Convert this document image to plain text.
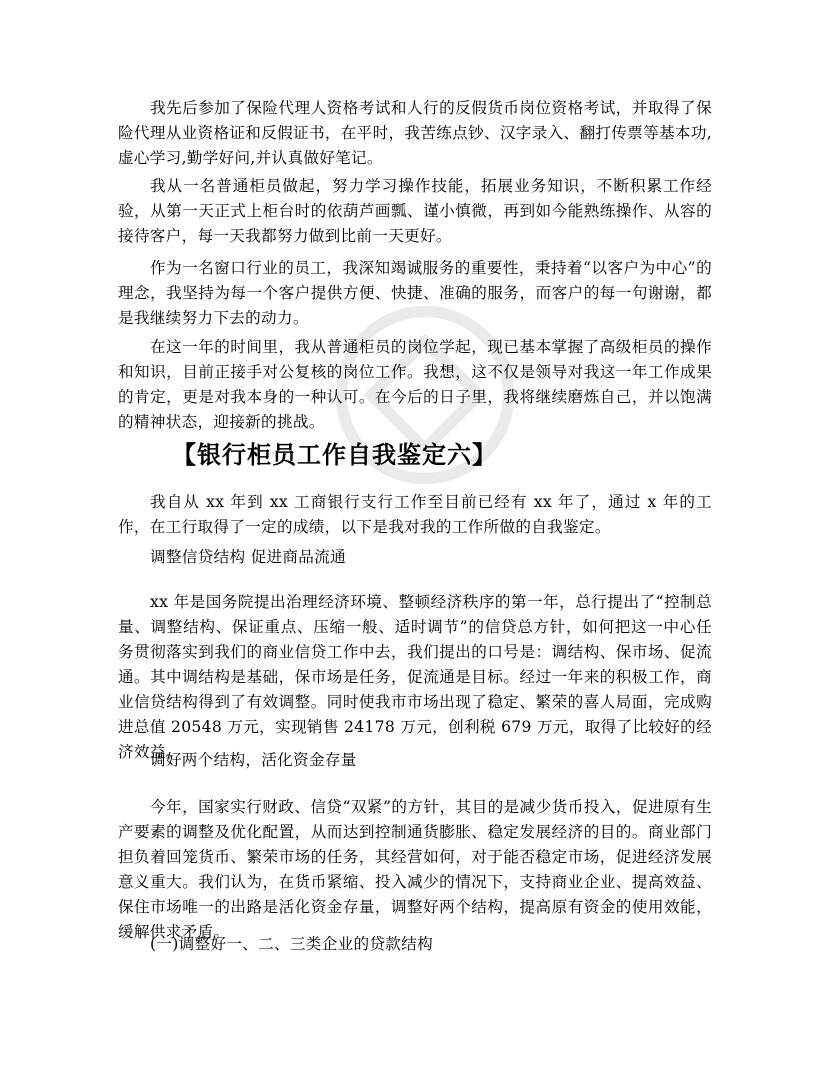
我先后参加了保险代理人资格考试和人行的反假货币岗位资格考试，并取得了保险代理从业资格证和反假证书，在平时，我苦练点钞、汉字录入、翻打传票等基本功,虚心学习,勤学好问,并认真做好笔记。

我从一名普通柜员做起，努力学习操作技能，拓展业务知识，不断积累工作经验，从第一天正式上柜台时的依葫芦画瓢、谨小慎微，再到如今能熟练操作、从容的接待客户，每一天我都努力做到比前一天更好。

作为一名窗口行业的员工，我深知竭诚服务的重要性，秉持着“以客户为中心”的理念，我坚持为每一个客户提供方便、快捷、准确的服务，而客户的每一句谢谢，都是我继续努力下去的动力。

在这一年的时间里，我从普通柜员的岗位学起，现已基本掌握了高级柜员的操作和知识，目前正接手对公复核的岗位工作。我想，这不仅是领导对我这一年工作成果的肯定，更是对我本身的一种认可。在今后的日子里，我将继续磨炼自己，并以饱满的精神状态，迎接新的挑战。

【银行柜员工作自我鉴定六】

我自从 xx 年到 xx 工商银行支行工作至目前已经有 xx 年了，通过 x 年的工作，在工行取得了一定的成绩，以下是我对我的工作所做的自我鉴定。

调整信贷结构 促进商品流通

xx 年是国务院提出治理经济环境、整顿经济秩序的第一年，总行提出了“控制总量、调整结构、保证重点、压缩一般、适时调节”的信贷总方针，如何把这一中心任务贯彻落实到我们的商业信贷工作中去，我们提出的口号是：调结构、保市场、促流通。其中调结构是基础，保市场是任务，促流通是目标。经过一年来的积极工作，商业信贷结构得到了有效调整。同时使我市市场出现了稳定、繁荣的喜人局面，完成购进总值 20548 万元，实现销售 24178 万元，创利税 679 万元，取得了比较好的经济效益。

调好两个结构，活化资金存量

今年，国家实行财政、信贷“双紧”的方针，其目的是减少货币投入，促进原有生产要素的调整及优化配置，从而达到控制通货膨胀、稳定发展经济的目的。商业部门担负着回笼货币、繁荣市场的任务，其经营如何，对于能否稳定市场，促进经济发展意义重大。我们认为，在货币紧缩、投入减少的情况下，支持商业企业、提高效益、保住市场唯一的出路是活化资金存量，调整好两个结构，提高原有资金的使用效能，缓解供求矛盾。

(一)调整好一、二、三类企业的贷款结构
